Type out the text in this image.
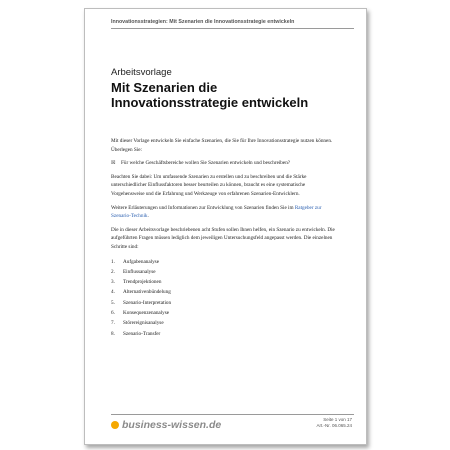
Innovationsstrategien: Mit Szenarien die Innovationsstrategie entwickeln
Arbeitsvorlage
Mit Szenarien die Innovationsstrategie entwickeln

Mit dieser Vorlage entwickeln Sie einfache Szenarien, die Sie für Ihre Innovationsstrategie nutzen können. Überlegen Sie:

☒	Für welche Geschäftsbereiche wollen Sie Szenarien entwickeln und beschreiben?

Beachten Sie dabei: Um umfassende Szenarien zu erstellen und zu beschreiben und die Stärke unterschiedlicher Einflussfaktoren besser beurteilen zu können, braucht es eine systematische Vorgehensweise und die Erfahrung und Werkzeuge von erfahrenen Szenarien-Entwicklern.

Weitere Erläuterungen und Informationen zur Entwicklung von Szenarien finden Sie im Ratgeber zur Szenario-Technik.

Die in dieser Arbeitsvorlage beschriebenen acht Stufen sollen Ihnen helfen, ein Szenario zu entwickeln. Die aufgeführten Fragen müssen lediglich dem jeweiligen Untersuchungsfeld angepasst werden. Die einzelnen Schritte sind:

1.	Aufgabenanalyse
2.	Einflussanalyse
3.	Trendprojektionen
4.	Alternativenbündelung
5.	Szenario-Interpretation
6.	Konsequenzenanalyse
7.	Störereignisanalyse
8.	Szenario-Transfer
business-wissen.de	Seite 1 von 17
Art.-Nr. 06.065.24
